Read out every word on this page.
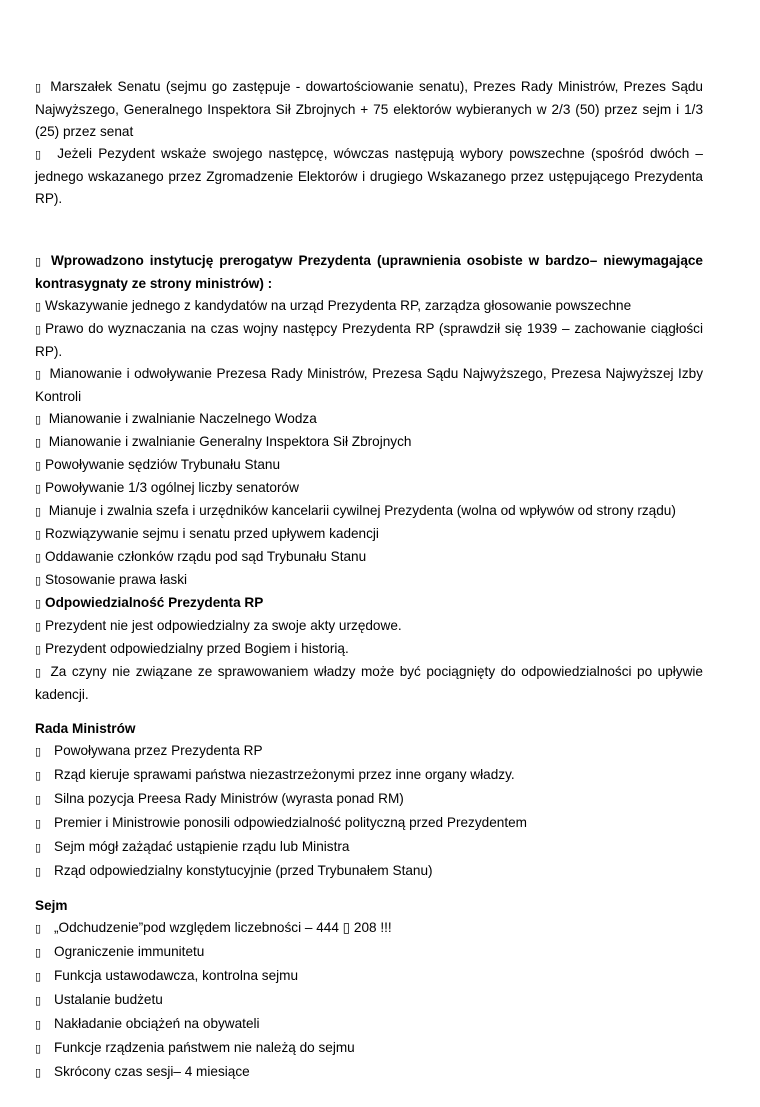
▯ Marszałek Senatu (sejmu go zastępuje - dowartościowanie senatu), Prezes Rady Ministrów, Prezes Sądu Najwyższego, Generalnego Inspektora Sił Zbrojnych + 75 elektorów wybieranych w 2/3 (50) przez sejm i 1/3 (25) przez senat

▯ Jeżeli Pezydent wskaże swojego następcę, wówczas następują wybory powszechne (spośród dwóch – jednego wskazanego przez Zgromadzenie Elektorów i drugiego Wskazanego przez ustępującego Prezydenta RP).

▯ Wprowadzono instytucję prerogatyw Prezydenta (uprawnienia osobiste w bardzo– niewymagające kontrasygnaty ze strony ministrów) :

▯ Wskazywanie jednego z kandydatów na urząd Prezydenta RP, zarządza głosowanie powszechne

▯ Prawo do wyznaczania na czas wojny następcy Prezydenta RP (sprawdził się 1939 – zachowanie ciągłości RP).

▯ Mianowanie i odwoływanie Prezesa Rady Ministrów, Prezesa Sądu Najwyższego, Prezesa Najwyższej Izby Kontroli

▯ Mianowanie i zwalnianie Naczelnego Wodza

▯ Mianowanie i zwalnianie Generalny Inspektora Sił Zbrojnych

▯ Powoływanie sędziów Trybunału Stanu

▯ Powoływanie 1/3 ogólnej liczby senatorów

▯ Mianuje i zwalnia szefa i urzędników kancelarii cywilnej Prezydenta (wolna od wpływów od strony rządu)

▯ Rozwiązywanie sejmu i senatu przed upływem kadencji

▯ Oddawanie członków rządu pod sąd Trybunału Stanu

▯ Stosowanie prawa łaski

▯ Odpowiedzialność Prezydenta RP

▯ Prezydent nie jest odpowiedzialny za swoje akty urzędowe.

▯ Prezydent odpowiedzialny przed Bogiem i historią.

▯ Za czyny nie związane ze sprawowaniem władzy może być pociągnięty do odpowiedzialności po upływie kadencji.

Rada Ministrów

▯ Powoływana przez Prezydenta RP

▯ Rząd kieruje sprawami państwa niezastrzeżonymi przez inne organy władzy.

▯ Silna pozycja Preesa Rady Ministrów (wyrasta ponad RM)

▯ Premier i Ministrowie ponosili odpowiedzialność polityczną przed Prezydentem

▯ Sejm mógł zażądać ustąpienie rządu lub Ministra

▯ Rząd odpowiedzialny konstytucyjnie (przed Trybunałem Stanu)

Sejm

▯ „Odchudzenie”pod względem liczebności – 444 ▯ 208 !!!

▯ Ograniczenie immunitetu

▯ Funkcja ustawodawcza, kontrolna sejmu

▯ Ustalanie budżetu

▯ Nakładanie obciążeń na obywateli

▯ Funkcje rządzenia państwem nie należą do sejmu

▯ Skrócony czas sesji– 4 miesiące
